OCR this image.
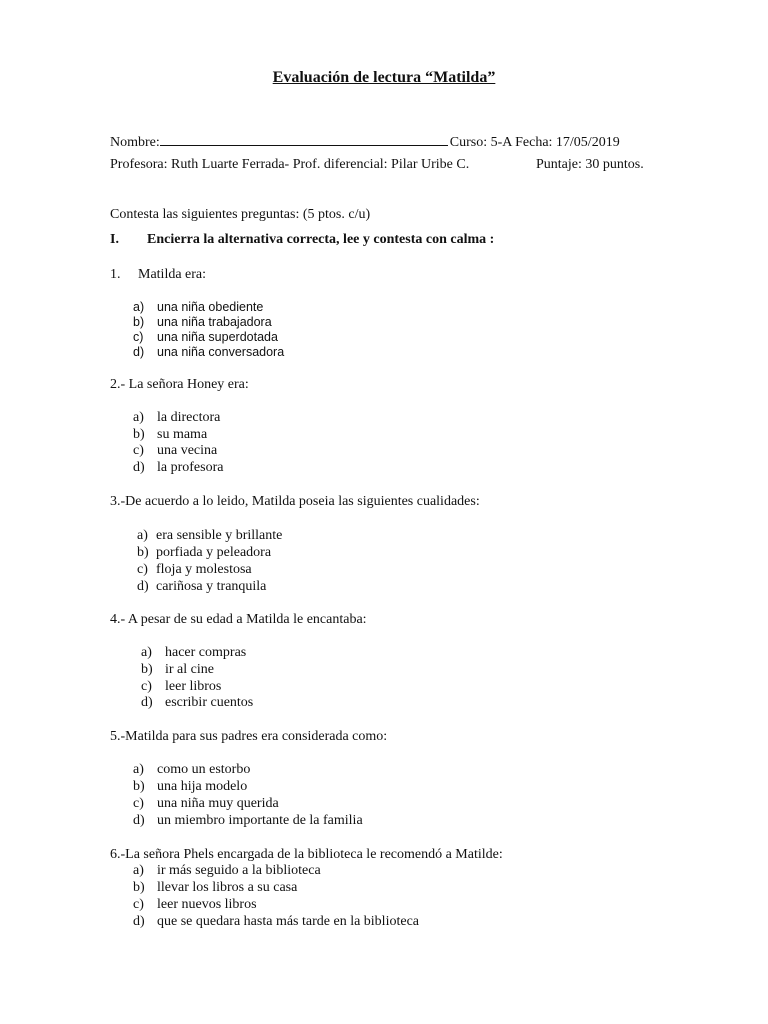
Evaluación de lectura “Matilda”
Nombre:	Curso: 5-A Fecha: 17/05/2019
Profesora: Ruth Luarte Ferrada- Prof. diferencial: Pilar Uribe C.	Puntaje: 30 puntos.
Contesta las siguientes preguntas: (5 ptos. c/u)
I. Encierra la alternativa correcta, lee y contesta con calma :
1. Matilda era:
a) una niña obediente
b) una niña trabajadora
c) una niña superdotada
d) una niña conversadora
2.- La señora Honey era:
a) la directora
b) su mama
c) una vecina
d) la profesora
3.-De acuerdo a lo leido, Matilda poseia las siguientes cualidades:
a) era sensible y brillante
b) porfiada y peleadora
c) floja y molestosa
d) cariñosa y tranquila
4.- A pesar de su edad a Matilda le encantaba:
a) hacer compras
b) ir al cine
c) leer libros
d) escribir cuentos
5.-Matilda para sus padres era considerada como:
a) como un estorbo
b) una hija modelo
c) una niña muy querida
d) un miembro importante de la familia
6.-La señora Phels encargada de la biblioteca le recomendó a Matilde:
a) ir más seguido a la biblioteca
b) llevar los libros a su casa
c) leer nuevos libros
d) que se quedara hasta más tarde en la biblioteca
